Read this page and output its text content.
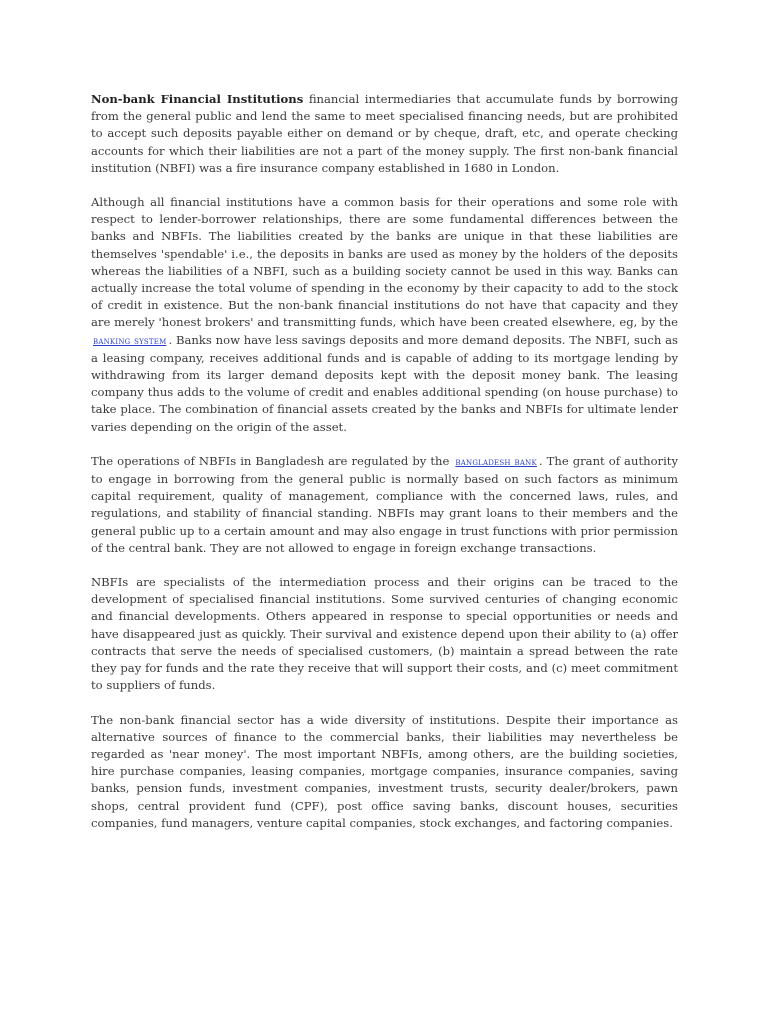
Non-bank Financial Institutions financial intermediaries that accumulate funds by borrowing from the general public and lend the same to meet specialised financing needs, but are prohibited to accept such deposits payable either on demand or by cheque, draft, etc, and operate checking accounts for which their liabilities are not a part of the money supply. The first non-bank financial institution (NBFI) was a fire insurance company established in 1680 in London.

Although all financial institutions have a common basis for their operations and some role with respect to lender-borrower relationships, there are some fundamental differences between the banks and NBFIs. The liabilities created by the banks are unique in that these liabilities are themselves 'spendable' i.e., the deposits in banks are used as money by the holders of the deposits whereas the liabilities of a NBFI, such as a building society cannot be used in this way. Banks can actually increase the total volume of spending in the economy by their capacity to add to the stock of credit in existence. But the non-bank financial institutions do not have that capacity and they are merely 'honest brokers' and transmitting funds, which have been created elsewhere, eg, by the banking system . Banks now have less savings deposits and more demand deposits. The NBFI, such as a leasing company, receives additional funds and is capable of adding to its mortgage lending by withdrawing from its larger demand deposits kept with the deposit money bank. The leasing company thus adds to the volume of credit and enables additional spending (on house purchase) to take place. The combination of financial assets created by the banks and NBFIs for ultimate lender varies depending on the origin of the asset.

The operations of NBFIs in Bangladesh are regulated by the bangladesh bank . The grant of authority to engage in borrowing from the general public is normally based on such factors as minimum capital requirement, quality of management, compliance with the concerned laws, rules, and regulations, and stability of financial standing. NBFIs may grant loans to their members and the general public up to a certain amount and may also engage in trust functions with prior permission of the central bank. They are not allowed to engage in foreign exchange transactions.

NBFIs are specialists of the intermediation process and their origins can be traced to the development of specialised financial institutions. Some survived centuries of changing economic and financial developments. Others appeared in response to special opportunities or needs and have disappeared just as quickly. Their survival and existence depend upon their ability to (a) offer contracts that serve the needs of specialised customers, (b) maintain a spread between the rate they pay for funds and the rate they receive that will support their costs, and (c) meet commitment to suppliers of funds.

The non-bank financial sector has a wide diversity of institutions. Despite their importance as alternative sources of finance to the commercial banks, their liabilities may nevertheless be regarded as 'near money'. The most important NBFIs, among others, are the building societies, hire purchase companies, leasing companies, mortgage companies, insurance companies, saving banks, pension funds, investment companies, investment trusts, security dealer/brokers, pawn shops, central provident fund (CPF), post office saving banks, discount houses, securities companies, fund managers, venture capital companies, stock exchanges, and factoring companies.
